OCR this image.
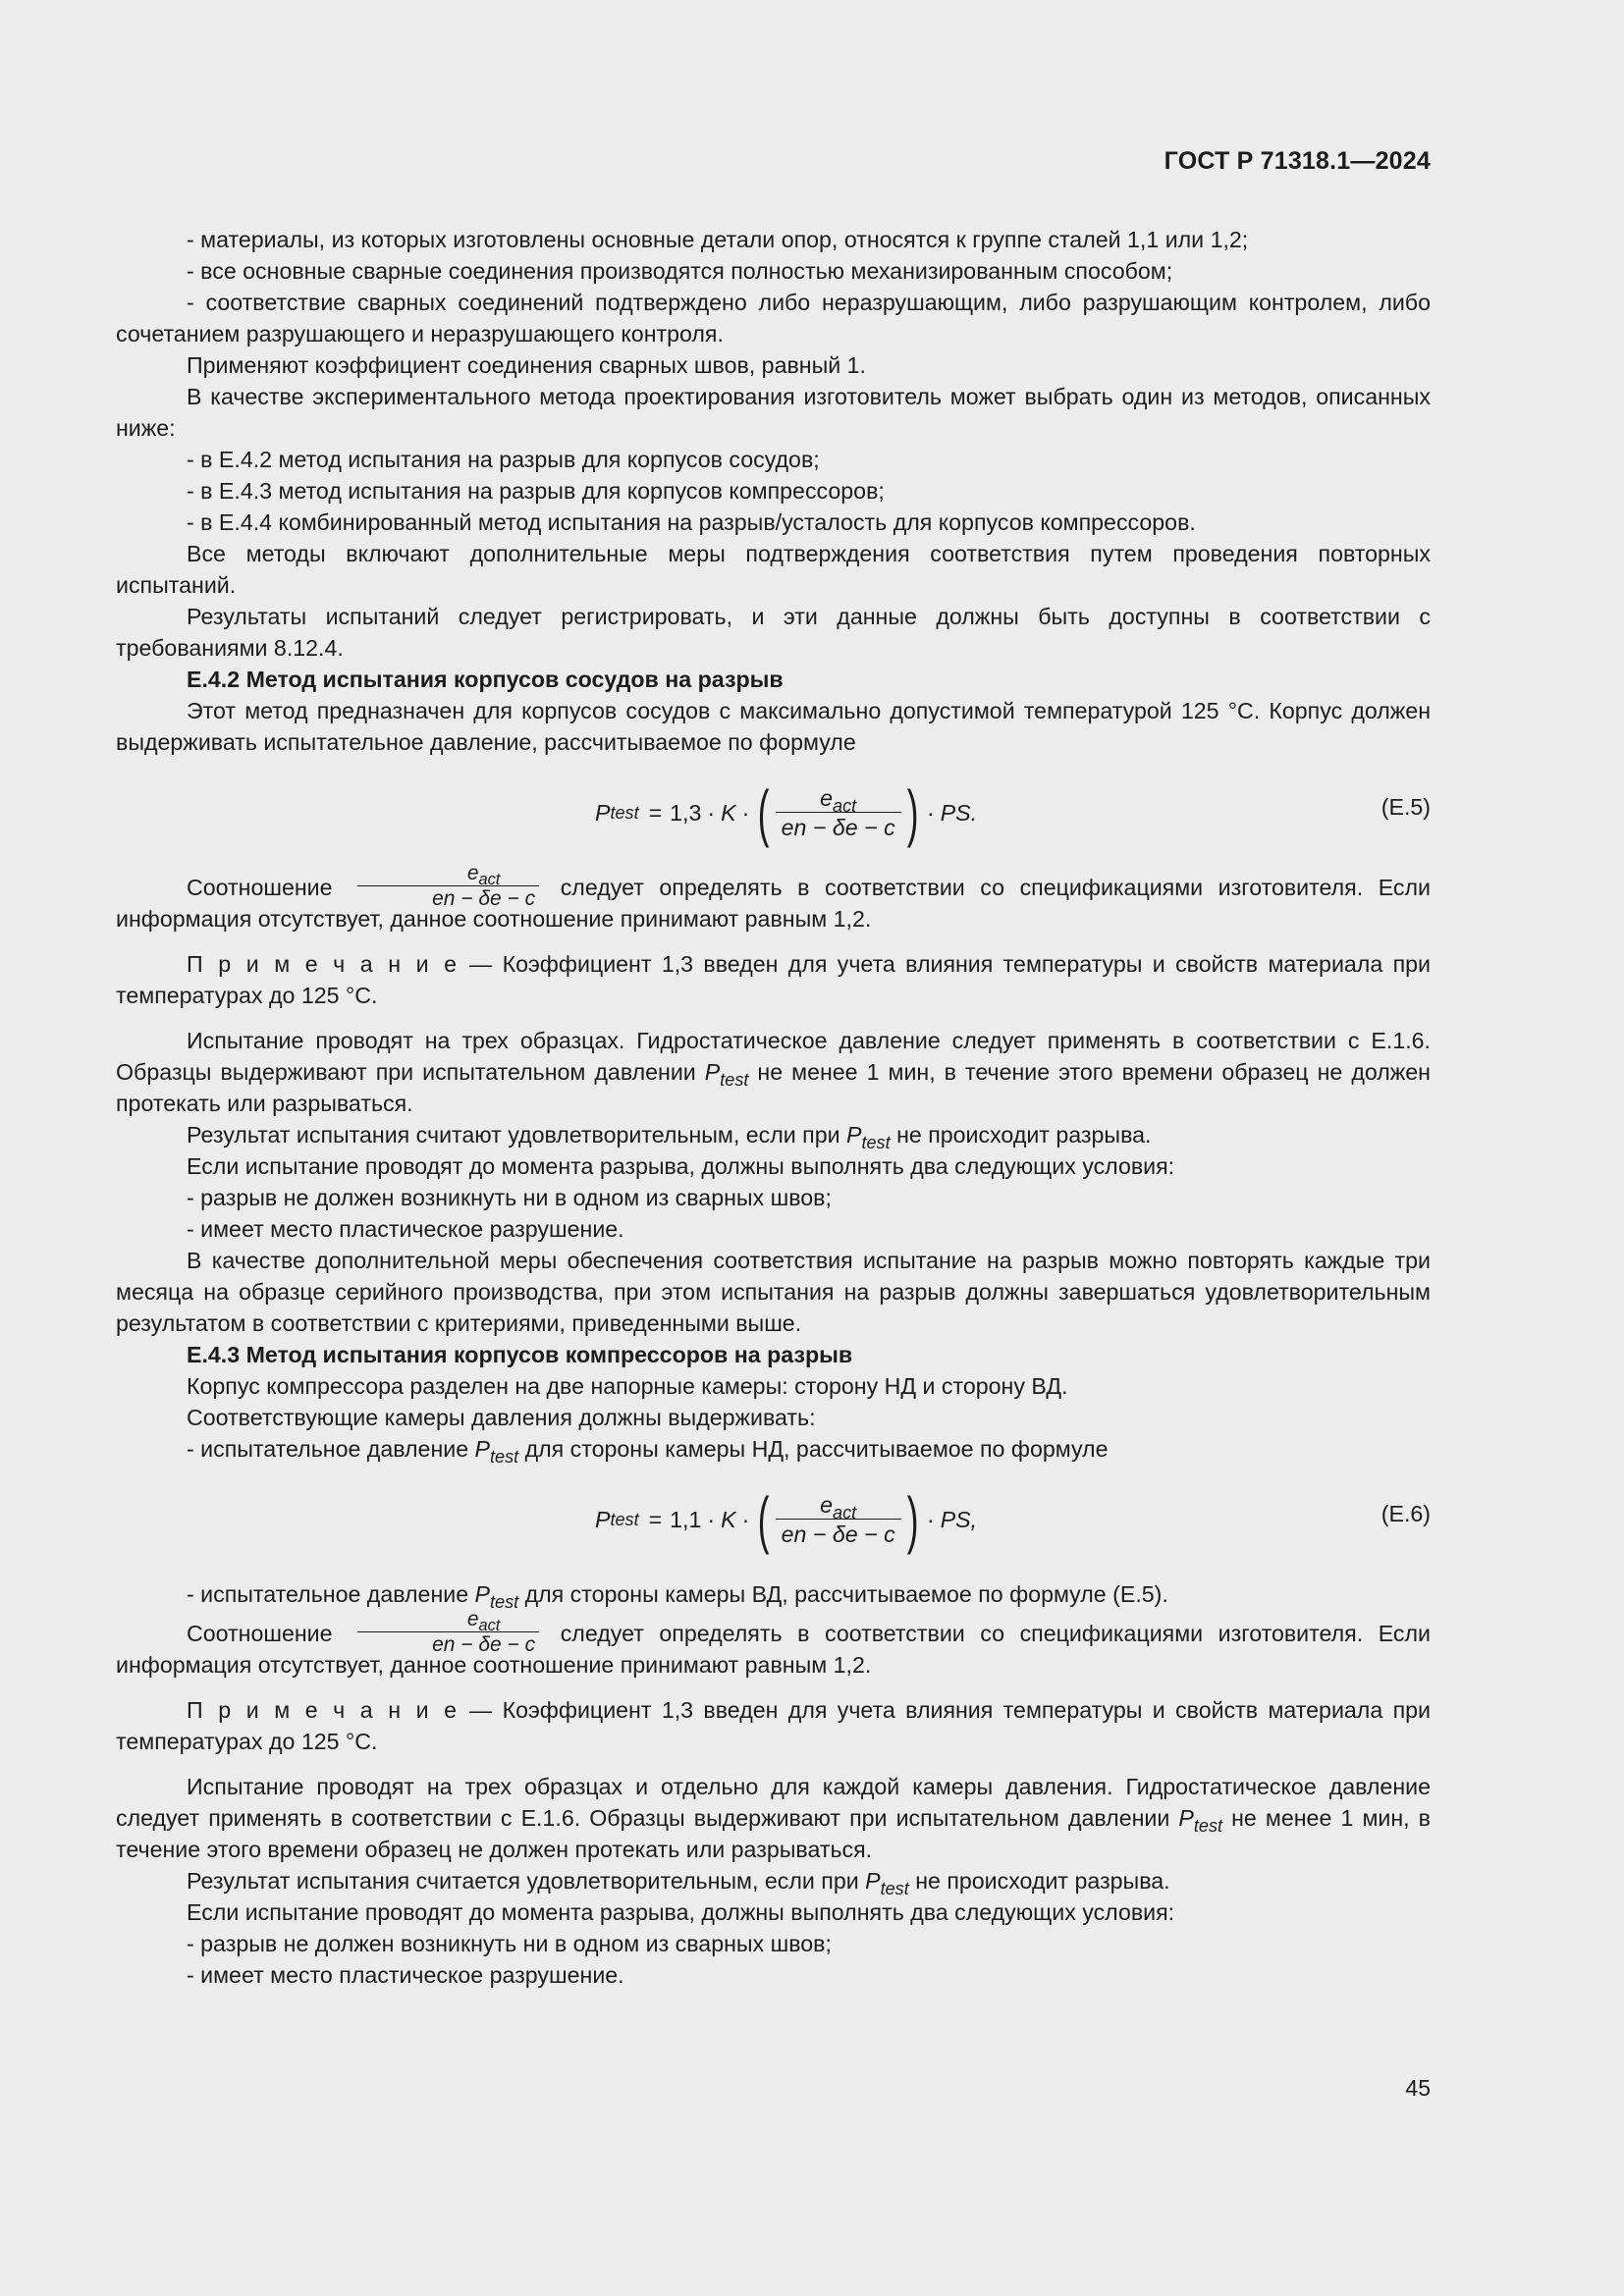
ГОСТ Р 71318.1—2024

- материалы, из которых изготовлены основные детали опор, относятся к группе сталей 1,1 или 1,2;

- все основные сварные соединения производятся полностью механизированным способом;

- соответствие сварных соединений подтверждено либо неразрушающим, либо разрушающим контролем, либо сочетанием разрушающего и неразрушающего контроля.

Применяют коэффициент соединения сварных швов, равный 1.

В качестве экспериментального метода проектирования изготовитель может выбрать один из методов, описанных ниже:

- в Е.4.2 метод испытания на разрыв для корпусов сосудов;

- в Е.4.3 метод испытания на разрыв для корпусов компрессоров;

- в Е.4.4 комбинированный метод испытания на разрыв/усталость для корпусов компрессоров.

Все методы включают дополнительные меры подтверждения соответствия путем проведения повторных испытаний.

Результаты испытаний следует регистрировать, и эти данные должны быть доступны в соответствии с требованиями 8.12.4.

Е.4.2 Метод испытания корпусов сосудов на разрыв

Этот метод предназначен для корпусов сосудов с максимально допустимой температурой 125 °С. Корпус должен выдерживать испытательное давление, рассчитываемое по формуле

P test = 1,3 · K · ( $\frac{e_{act}}{en - \delta e - c}$ ) · PS.	(Е.5)

Соотношение $\frac{e_{act}}{en - \delta e - c}$ следует определять в соответствии со спецификациями изготовителя. Если информация отсутствует, данное соотношение принимают равным 1,2.

П р и м е ч а н и е — Коэффициент 1,3 введен для учета влияния температуры и свойств материала при температурах до 125 °С.

Испытание проводят на трех образцах. Гидростатическое давление следует применять в соответствии с Е.1.6. Образцы выдерживают при испытательном давлении $P_{test}$ не менее 1 мин, в течение этого времени образец не должен протекать или разрываться.

Результат испытания считают удовлетворительным, если при $P_{test}$ не происходит разрыва.

Если испытание проводят до момента разрыва, должны выполнять два следующих условия:

- разрыв не должен возникнуть ни в одном из сварных швов;

- имеет место пластическое разрушение.

В качестве дополнительной меры обеспечения соответствия испытание на разрыв можно повторять каждые три месяца на образце серийного производства, при этом испытания на разрыв должны завершаться удовлетворительным результатом в соответствии с критериями, приведенными выше.

Е.4.3 Метод испытания корпусов компрессоров на разрыв

Корпус компрессора разделен на две напорные камеры: сторону НД и сторону ВД.

Соответствующие камеры давления должны выдерживать:

- испытательное давление $P_{test}$ для стороны камеры НД, рассчитываемое по формуле

P test = 1,1 · K · ( $\frac{e_{act}}{en - \delta e - c}$ ) · PS,	(Е.6)

- испытательное давление $P_{test}$ для стороны камеры ВД, рассчитываемое по формуле (Е.5).

Соотношение $\frac{e_{act}}{en - \delta e - c}$ следует определять в соответствии со спецификациями изготовителя. Если информация отсутствует, данное соотношение принимают равным 1,2.

П р и м е ч а н и е — Коэффициент 1,3 введен для учета влияния температуры и свойств материала при температурах до 125 °С.

Испытание проводят на трех образцах и отдельно для каждой камеры давления. Гидростатическое давление следует применять в соответствии с Е.1.6. Образцы выдерживают при испытательном давлении $P_{test}$ не менее 1 мин, в течение этого времени образец не должен протекать или разрываться.

Результат испытания считается удовлетворительным, если при $P_{test}$ не происходит разрыва.

Если испытание проводят до момента разрыва, должны выполнять два следующих условия:

- разрыв не должен возникнуть ни в одном из сварных швов;

- имеет место пластическое разрушение.

45
